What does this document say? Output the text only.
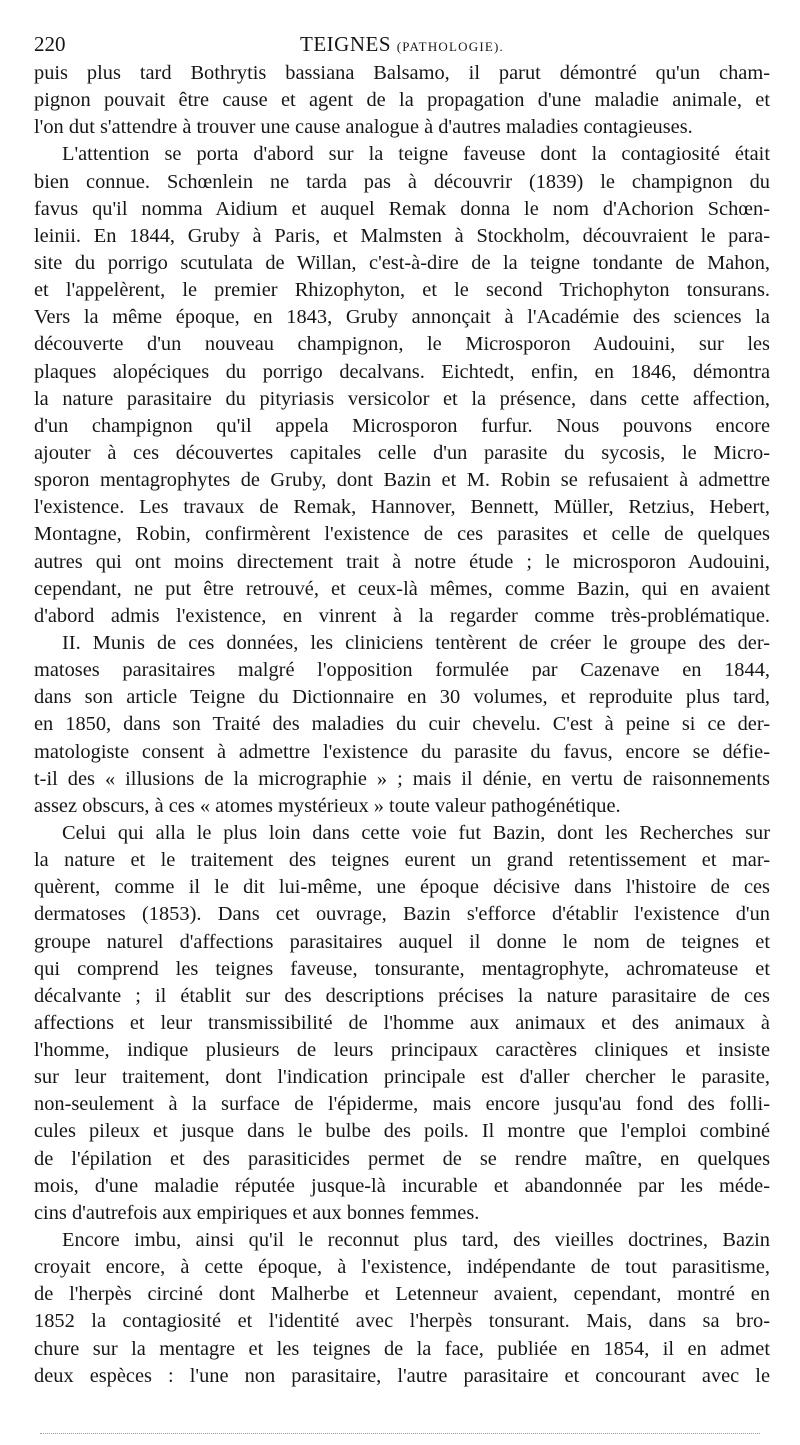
220	TEIGNES (PATHOLOGIE).
puis plus tard Bothrytis bassiana Balsamo, il parut démontré qu'un cham-
pignon pouvait être cause et agent de la propagation d'une maladie animale, et
l'on dut s'attendre à trouver une cause analogue à d'autres maladies contagieuses.
L'attention se porta d'abord sur la teigne faveuse dont la contagiosité était
bien connue. Schœnlein ne tarda pas à découvrir (1839) le champignon du
favus qu'il nomma Aidium et auquel Remak donna le nom d'Achorion Schœn-
leinii. En 1844, Gruby à Paris, et Malmsten à Stockholm, découvraient le para-
site du porrigo scutulata de Willan, c'est-à-dire de la teigne tondante de Mahon,
et l'appelèrent, le premier Rhizophyton, et le second Trichophyton tonsurans.
Vers la même époque, en 1843, Gruby annonçait à l'Académie des sciences la
découverte d'un nouveau champignon, le Microsporon Audouini, sur les
plaques alopéciques du porrigo decalvans. Eichtedt, enfin, en 1846, démontra
la nature parasitaire du pityriasis versicolor et la présence, dans cette affection,
d'un champignon qu'il appela Microsporon furfur. Nous pouvons encore
ajouter à ces découvertes capitales celle d'un parasite du sycosis, le Micro-
sporon mentagrophytes de Gruby, dont Bazin et M. Robin se refusaient à admettre
l'existence. Les travaux de Remak, Hannover, Bennett, Müller, Retzius, Hebert,
Montagne, Robin, confirmèrent l'existence de ces parasites et celle de quelques
autres qui ont moins directement trait à notre étude ; le microsporon Audouini,
cependant, ne put être retrouvé, et ceux-là mêmes, comme Bazin, qui en avaient
d'abord admis l'existence, en vinrent à la regarder comme très-problématique.
II. Munis de ces données, les cliniciens tentèrent de créer le groupe des der-
matoses parasitaires malgré l'opposition formulée par Cazenave en 1844,
dans son article Teigne du Dictionnaire en 30 volumes, et reproduite plus tard,
en 1850, dans son Traité des maladies du cuir chevelu. C'est à peine si ce der-
matologiste consent à admettre l'existence du parasite du favus, encore se défie-
t-il des « illusions de la micrographie » ; mais il dénie, en vertu de raisonnements
assez obscurs, à ces « atomes mystérieux » toute valeur pathogénétique.
Celui qui alla le plus loin dans cette voie fut Bazin, dont les Recherches sur
la nature et le traitement des teignes eurent un grand retentissement et mar-
quèrent, comme il le dit lui-même, une époque décisive dans l'histoire de ces
dermatoses (1853). Dans cet ouvrage, Bazin s'efforce d'établir l'existence d'un
groupe naturel d'affections parasitaires auquel il donne le nom de teignes et
qui comprend les teignes faveuse, tonsurante, mentagrophyte, achromateuse et
décalvante ; il établit sur des descriptions précises la nature parasitaire de ces
affections et leur transmissibilité de l'homme aux animaux et des animaux à
l'homme, indique plusieurs de leurs principaux caractères cliniques et insiste
sur leur traitement, dont l'indication principale est d'aller chercher le parasite,
non-seulement à la surface de l'épiderme, mais encore jusqu'au fond des folli-
cules pileux et jusque dans le bulbe des poils. Il montre que l'emploi combiné
de l'épilation et des parasiticides permet de se rendre maître, en quelques
mois, d'une maladie réputée jusque-là incurable et abandonnée par les méde-
cins d'autrefois aux empiriques et aux bonnes femmes.
Encore imbu, ainsi qu'il le reconnut plus tard, des vieilles doctrines, Bazin
croyait encore, à cette époque, à l'existence, indépendante de tout parasitisme,
de l'herpès circiné dont Malherbe et Letenneur avaient, cependant, montré en
1852 la contagiosité et l'identité avec l'herpès tonsurant. Mais, dans sa bro-
chure sur la mentagre et les teignes de la face, publiée en 1854, il en admet
deux espèces : l'une non parasitaire, l'autre parasitaire et concourant avec le
